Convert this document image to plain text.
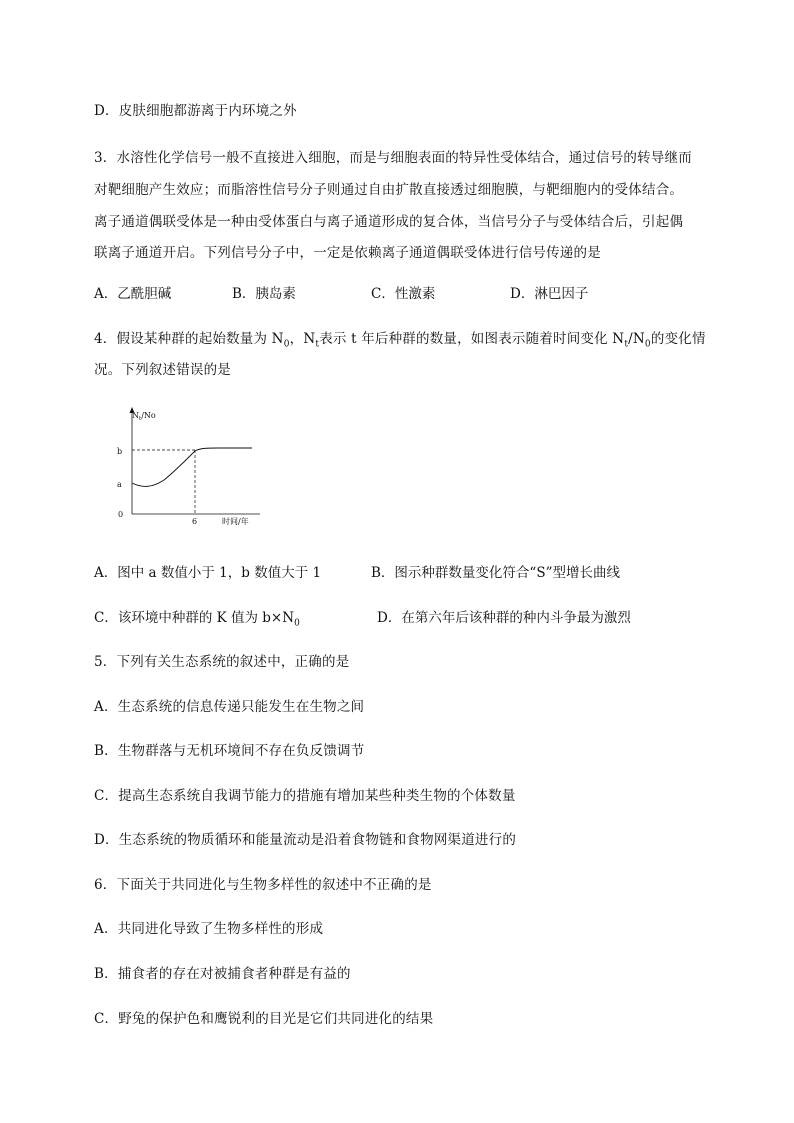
D．皮肤细胞都游离于内环境之外
3．水溶性化学信号一般不直接进入细胞，而是与细胞表面的特异性受体结合，通过信号的转导继而
对靶细胞产生效应；而脂溶性信号分子则通过自由扩散直接透过细胞膜，与靶细胞内的受体结合。
离子通道偶联受体是一种由受体蛋白与离子通道形成的复合体，当信号分子与受体结合后，引起偶
联离子通道开启。下列信号分子中，一定是依赖离子通道偶联受体进行信号传递的是
A．乙酰胆碱	B．胰岛素	C．性激素	D．淋巴因子
4．假设某种群的起始数量为 $N_0$，$N_t$表示 t 年后种群的数量，如图表示随着时间变化 $N_t/N_0$的变化情
况。下列叙述错误的是
$N_t/No$
b
a
0
6	时间/年
A．图中 a 数值小于 1，b 数值大于 1	B．图示种群数量变化符合“S”型增长曲线
C．该环境中种群的 K 值为 $b\times N_0$	D．在第六年后该种群的种内斗争最为激烈
5．下列有关生态系统的叙述中，正确的是
A．生态系统的信息传递只能发生在生物之间
B．生物群落与无机环境间不存在负反馈调节
C．提高生态系统自我调节能力的措施有增加某些种类生物的个体数量
D．生态系统的物质循环和能量流动是沿着食物链和食物网渠道进行的
6．下面关于共同进化与生物多样性的叙述中不正确的是
A．共同进化导致了生物多样性的形成
B．捕食者的存在对被捕食者种群是有益的
C．野兔的保护色和鹰锐利的目光是它们共同进化的结果
